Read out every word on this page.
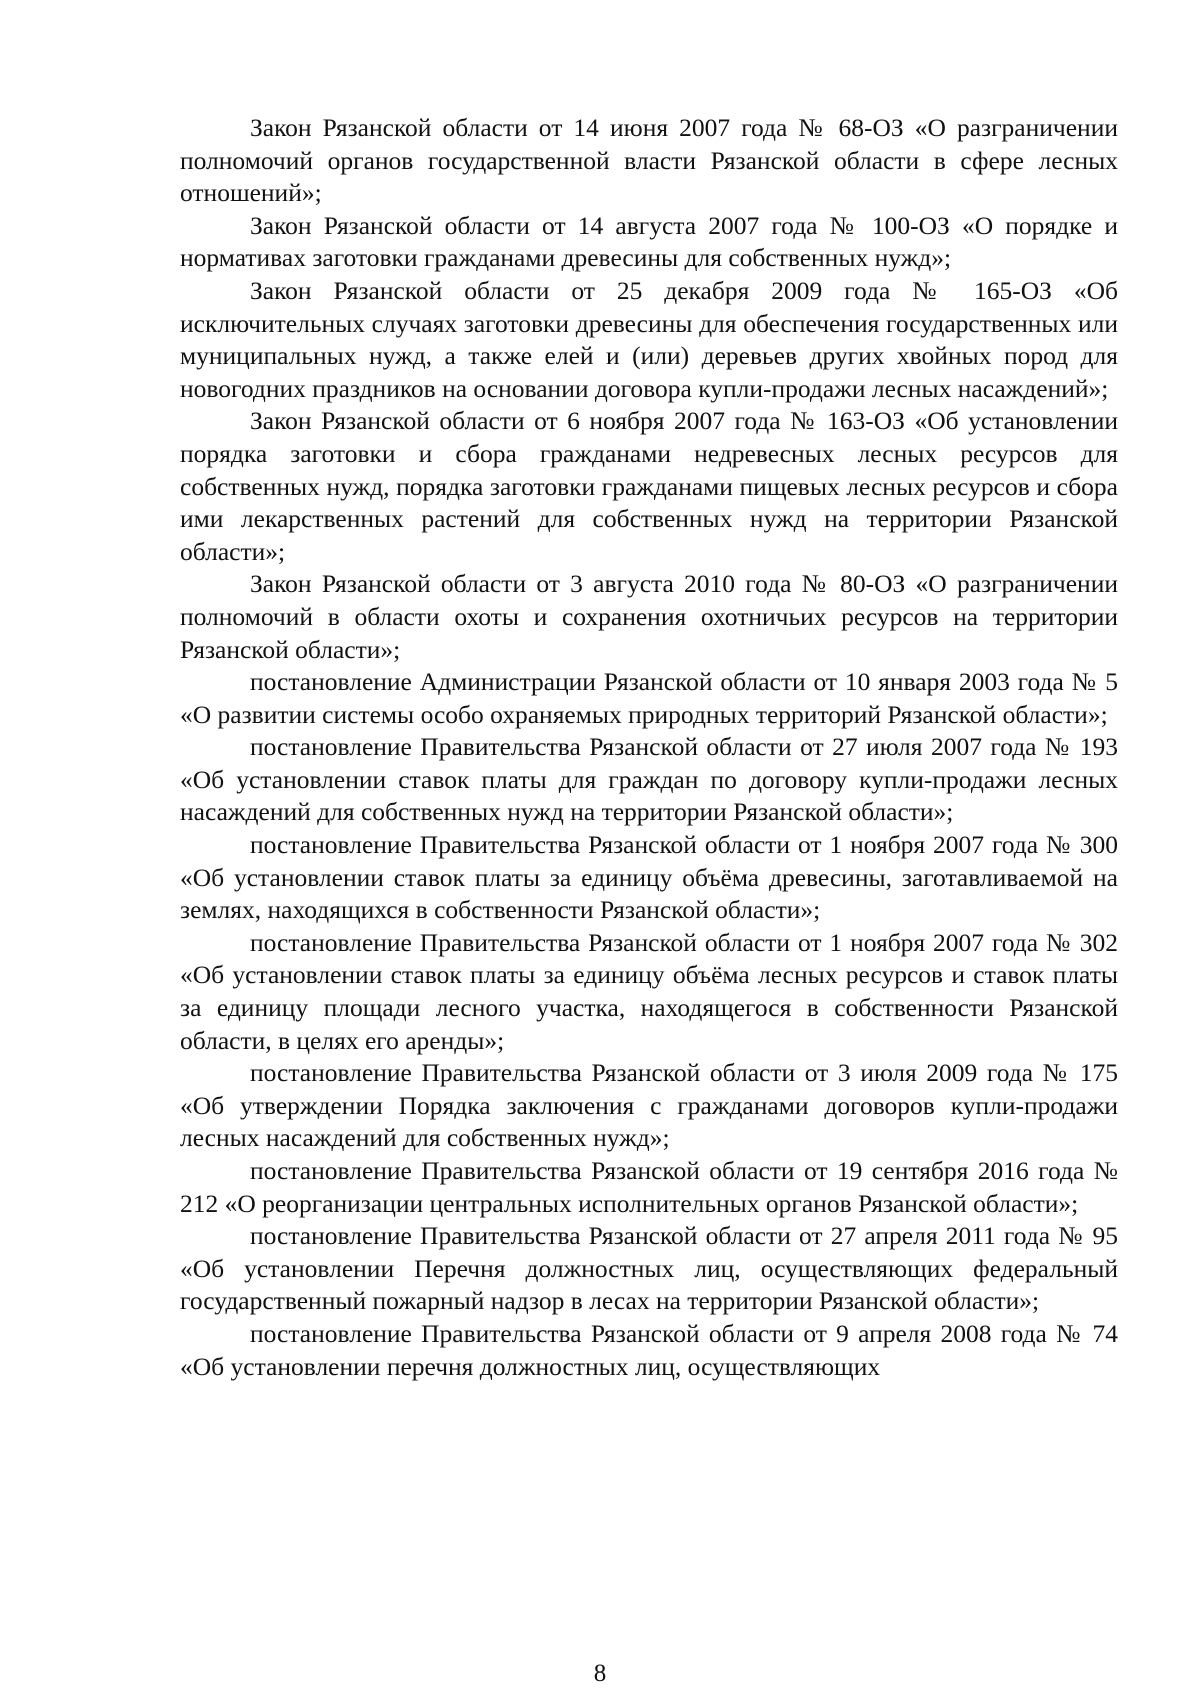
Закон Рязанской области от 14 июня 2007 года № 68-ОЗ «О разграничении полномочий органов государственной власти Рязанской области в сфере лесных отношений»;

Закон Рязанской области от 14 августа 2007 года № 100-ОЗ «О порядке и нормативах заготовки гражданами древесины для собственных нужд»;

Закон Рязанской области от 25 декабря 2009 года № 165-ОЗ «Об исключительных случаях заготовки древесины для обеспечения государственных или муниципальных нужд, а также елей и (или) деревьев других хвойных пород для новогодних праздников на основании договора купли-продажи лесных насаждений»;

Закон Рязанской области от 6 ноября 2007 года № 163-ОЗ «Об установлении порядка заготовки и сбора гражданами недревесных лесных ресурсов для собственных нужд, порядка заготовки гражданами пищевых лесных ресурсов и сбора ими лекарственных растений для собственных нужд на территории Рязанской области»;

Закон Рязанской области от 3 августа 2010 года № 80-ОЗ «О разграничении полномочий в области охоты и сохранения охотничьих ресурсов на территории Рязанской области»;

постановление Администрации Рязанской области от 10 января 2003 года № 5 «О развитии системы особо охраняемых природных территорий Рязанской области»;

постановление Правительства Рязанской области от 27 июля 2007 года № 193 «Об установлении ставок платы для граждан по договору купли-продажи лесных насаждений для собственных нужд на территории Рязанской области»;

постановление Правительства Рязанской области от 1 ноября 2007 года № 300 «Об установлении ставок платы за единицу объёма древесины, заготавливаемой на землях, находящихся в собственности Рязанской области»;

постановление Правительства Рязанской области от 1 ноября 2007 года № 302 «Об установлении ставок платы за единицу объёма лесных ресурсов и ставок платы за единицу площади лесного участка, находящегося в собственности Рязанской области, в целях его аренды»;

постановление Правительства Рязанской области от 3 июля 2009 года № 175 «Об утверждении Порядка заключения с гражданами договоров купли-продажи лесных насаждений для собственных нужд»;

постановление Правительства Рязанской области от 19 сентября 2016 года № 212 «О реорганизации центральных исполнительных органов Рязанской области»;

постановление Правительства Рязанской области от 27 апреля 2011 года № 95 «Об установлении Перечня должностных лиц, осуществляющих федеральный государственный пожарный надзор в лесах на территории Рязанской области»;

постановление Правительства Рязанской области от 9 апреля 2008 года № 74 «Об установлении перечня должностных лиц, осуществляющих

8
